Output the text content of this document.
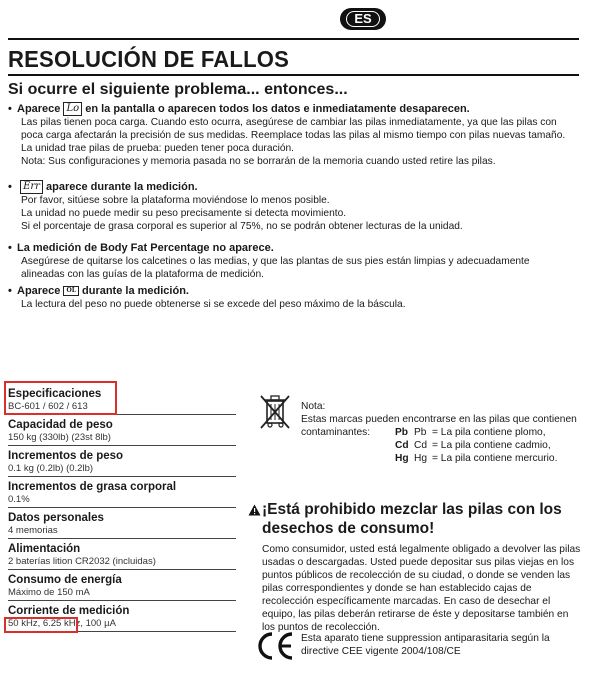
ES
RESOLUCIÓN DE FALLOS
Si ocurre el siguiente problema... entonces...
• Aparece Lo en la pantalla o aparecen todos los datos e inmediatamente desaparecen.

Las pilas tienen poca carga. Cuando esto ocurra, asegúrese de cambiar las pilas inmediatamente, ya que las pilas con poca carga afectarán la precisión de sus medidas. Reemplace todas las pilas al mismo tiempo con pilas nuevas tamaño. La unidad trae pilas de prueba: pueden tener poca duración.

Nota: Sus configuraciones y memoria pasada no se borrarán de la memoria cuando usted retire las pilas.

• Err aparece durante la medición.

Por favor, sitúese sobre la plataforma moviéndose lo menos posible.

La unidad no puede medir su peso precisamente si detecta movimiento.

Si el porcentaje de grasa corporal es superior al 75%, no se podrán obtener lecturas de la unidad.

• La medición de Body Fat Percentage no aparece.

Asegúrese de quitarse los calcetines o las medias, y que las plantas de sus pies están limpias y adecuadamente alineadas con las guías de la plataforma de medición.

• Aparece OL durante la medición.

La lectura del peso no puede obtenerse si se excede del peso máximo de la báscula.

Especificaciones
BC-601 / 602 / 613
Capacidad de peso
150 kg (330lb) (23st 8lb)
Incrementos de peso
0.1 kg (0.2lb) (0.2lb)
Incrementos de grasa corporal
0.1%
Datos personales
4 memorias
Alimentación
2 baterías lition CR2032 (incluidas)
Consumo de energía
Máximo de 150 mA
Corriente de medición
50 kHz, 6.25 kHz, 100 µA
Nota:
Estas marcas pueden encontrarse en las pilas que contienen
contaminantes:	Pb Pb = La pila contiene plomo,
Cd Cd = La pila contiene cadmio,
Hg Hg = La pila contiene mercurio.
¡Está prohibido mezclar las pilas con los desechos de consumo!
Como consumidor, usted está legalmente obligado a devolver las pilas usadas o descargadas. Usted puede depositar sus pilas viejas en los puntos públicos de recolección de su ciudad, o donde se venden las pilas correspondientes y donde se han establecido cajas de recolección específicamente marcadas. En caso de desechar el equipo, las pilas deberán retirarse de éste y depositarse también en los puntos de recolección.
Esta aparato tiene suppression antiparasitaria según la directive CEE vigente 2004/108/CE
